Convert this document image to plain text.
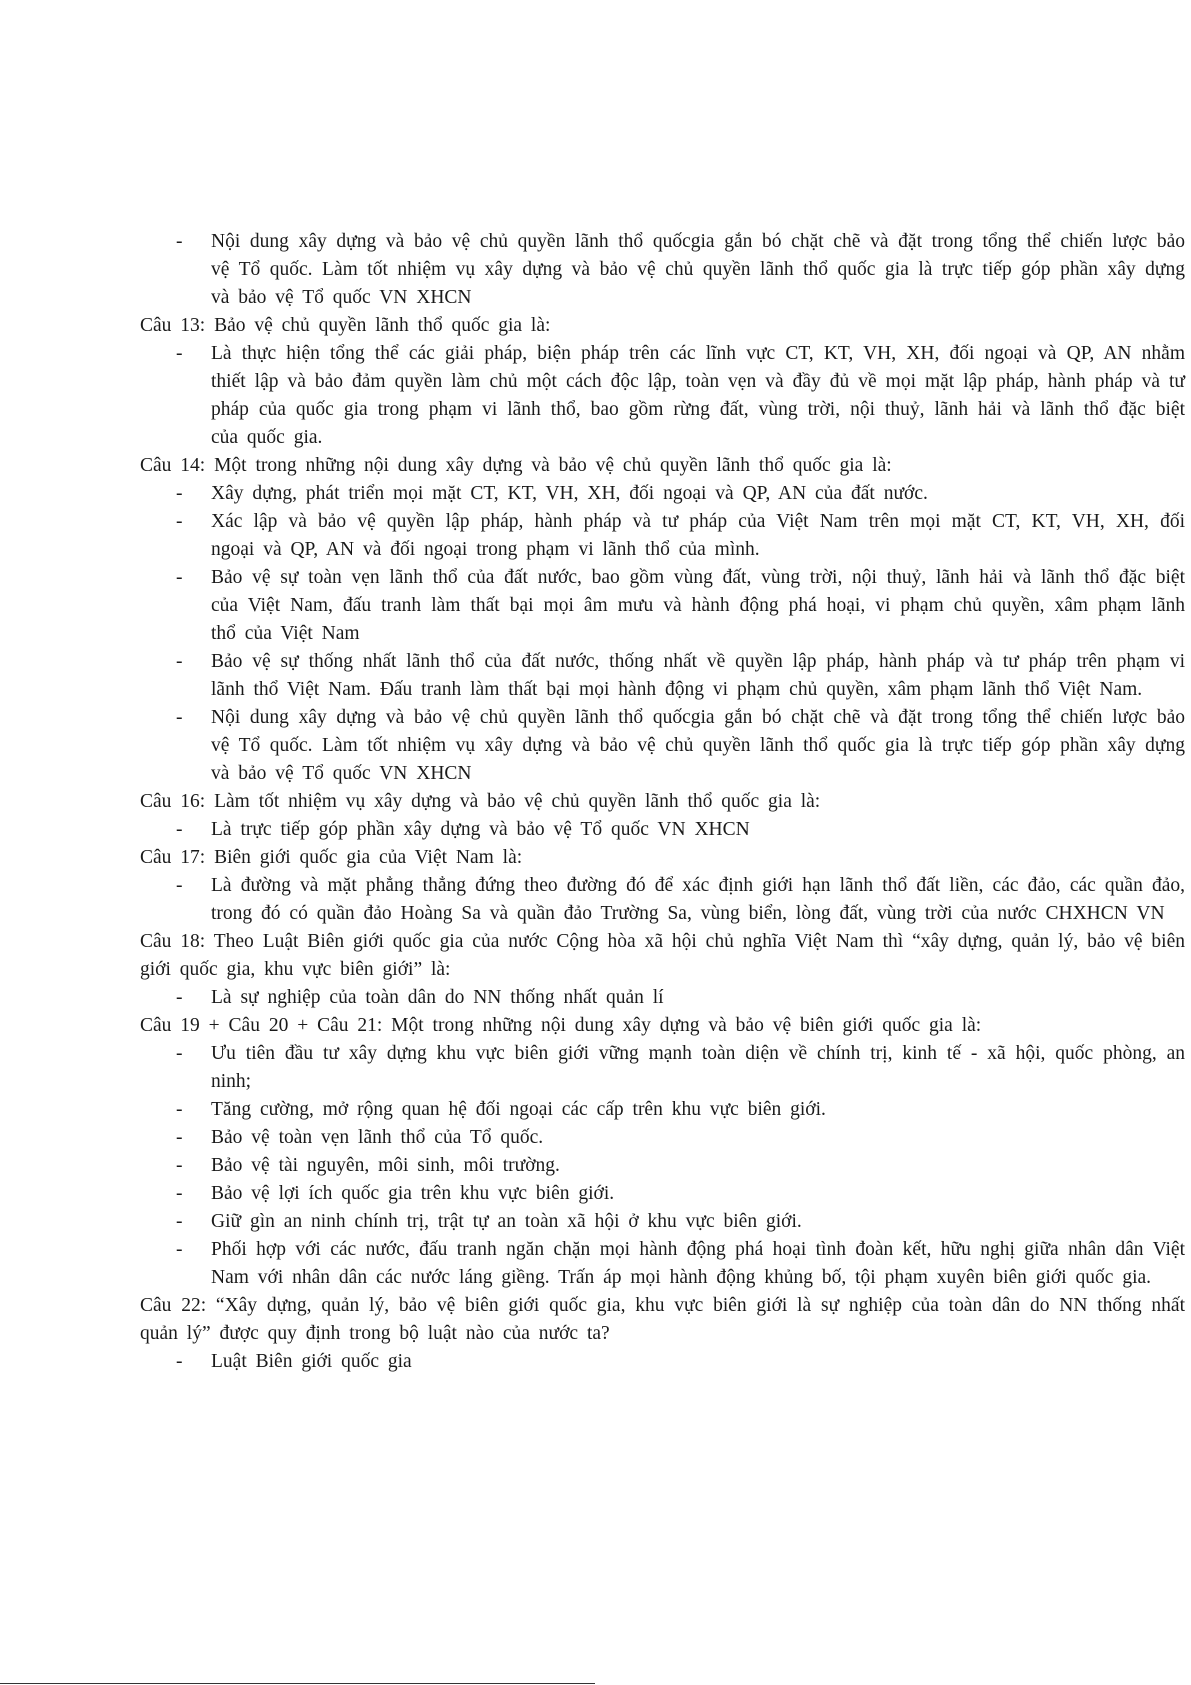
- Nội dung xây dựng và bảo vệ chủ quyền lãnh thổ quốcgia gắn bó chặt chẽ và đặt trong tổng thể chiến lược bảo vệ Tổ quốc. Làm tốt nhiệm vụ xây dựng và bảo vệ chủ quyền lãnh thổ quốc gia là trực tiếp góp phần xây dựng và bảo vệ Tổ quốc VN XHCN

Câu 13: Bảo vệ chủ quyền lãnh thổ quốc gia là:

- Là thực hiện tổng thể các giải pháp, biện pháp trên các lĩnh vực CT, KT, VH, XH, đối ngoại và QP, AN nhằm thiết lập và bảo đảm quyền làm chủ một cách độc lập, toàn vẹn và đầy đủ về mọi mặt lập pháp, hành pháp và tư pháp của quốc gia trong phạm vi lãnh thổ, bao gồm rừng đất, vùng trời, nội thuỷ, lãnh hải và lãnh thổ đặc biệt của quốc gia.

Câu 14: Một trong những nội dung xây dựng và bảo vệ chủ quyền lãnh thổ quốc gia là:

- Xây dựng, phát triển mọi mặt CT, KT, VH, XH, đối ngoại và QP, AN của đất nước.
- Xác lập và bảo vệ quyền lập pháp, hành pháp và tư pháp của Việt Nam trên mọi mặt CT, KT, VH, XH, đối ngoại và QP, AN và đối ngoại trong phạm vi lãnh thổ của mình.
- Bảo vệ sự toàn vẹn lãnh thổ của đất nước, bao gồm vùng đất, vùng trời, nội thuỷ, lãnh hải và lãnh thổ đặc biệt của Việt Nam, đấu tranh làm thất bại mọi âm mưu và hành động phá hoại, vi phạm chủ quyền, xâm phạm lãnh thổ của Việt Nam
- Bảo vệ sự thống nhất lãnh thổ của đất nước, thống nhất về quyền lập pháp, hành pháp và tư pháp trên phạm vi lãnh thổ Việt Nam. Đấu tranh làm thất bại mọi hành động vi phạm chủ quyền, xâm phạm lãnh thổ Việt Nam.
- Nội dung xây dựng và bảo vệ chủ quyền lãnh thổ quốcgia gắn bó chặt chẽ và đặt trong tổng thể chiến lược bảo vệ Tổ quốc. Làm tốt nhiệm vụ xây dựng và bảo vệ chủ quyền lãnh thổ quốc gia là trực tiếp góp phần xây dựng và bảo vệ Tổ quốc VN XHCN

Câu 16: Làm tốt nhiệm vụ xây dựng và bảo vệ chủ quyền lãnh thổ quốc gia là:

- Là trực tiếp góp phần xây dựng và bảo vệ Tổ quốc VN XHCN

Câu 17: Biên giới quốc gia của Việt Nam là:

- Là đường và mặt phẳng thẳng đứng theo đường đó để xác định giới hạn lãnh thổ đất liền, các đảo, các quần đảo, trong đó có quần đảo Hoàng Sa và quần đảo Trường Sa, vùng biển, lòng đất, vùng trời của nước CHXHCN VN

Câu 18: Theo Luật Biên giới quốc gia của nước Cộng hòa xã hội chủ nghĩa Việt Nam thì “xây dựng, quản lý, bảo vệ biên giới quốc gia, khu vực biên giới” là:

- Là sự nghiệp của toàn dân do NN thống nhất quản lí

Câu 19 + Câu 20 + Câu 21: Một trong những nội dung xây dựng và bảo vệ biên giới quốc gia là:

- Ưu tiên đầu tư xây dựng khu vực biên giới vững mạnh toàn diện về chính trị, kinh tế - xã hội, quốc phòng, an ninh;
- Tăng cường, mở rộng quan hệ đối ngoại các cấp trên khu vực biên giới.
- Bảo vệ toàn vẹn lãnh thổ của Tổ quốc.
- Bảo vệ tài nguyên, môi sinh, môi trường.
- Bảo vệ lợi ích quốc gia trên khu vực biên giới.
- Giữ gìn an ninh chính trị, trật tự an toàn xã hội ở khu vực biên giới.
- Phối hợp với các nước, đấu tranh ngăn chặn mọi hành động phá hoại tình đoàn kết, hữu nghị giữa nhân dân Việt Nam với nhân dân các nước láng giềng. Trấn áp mọi hành động khủng bố, tội phạm xuyên biên giới quốc gia.

Câu 22: “Xây dựng, quản lý, bảo vệ biên giới quốc gia, khu vực biên giới là sự nghiệp của toàn dân do NN thống nhất quản lý” được quy định trong bộ luật nào của nước ta?

- Luật Biên giới quốc gia
